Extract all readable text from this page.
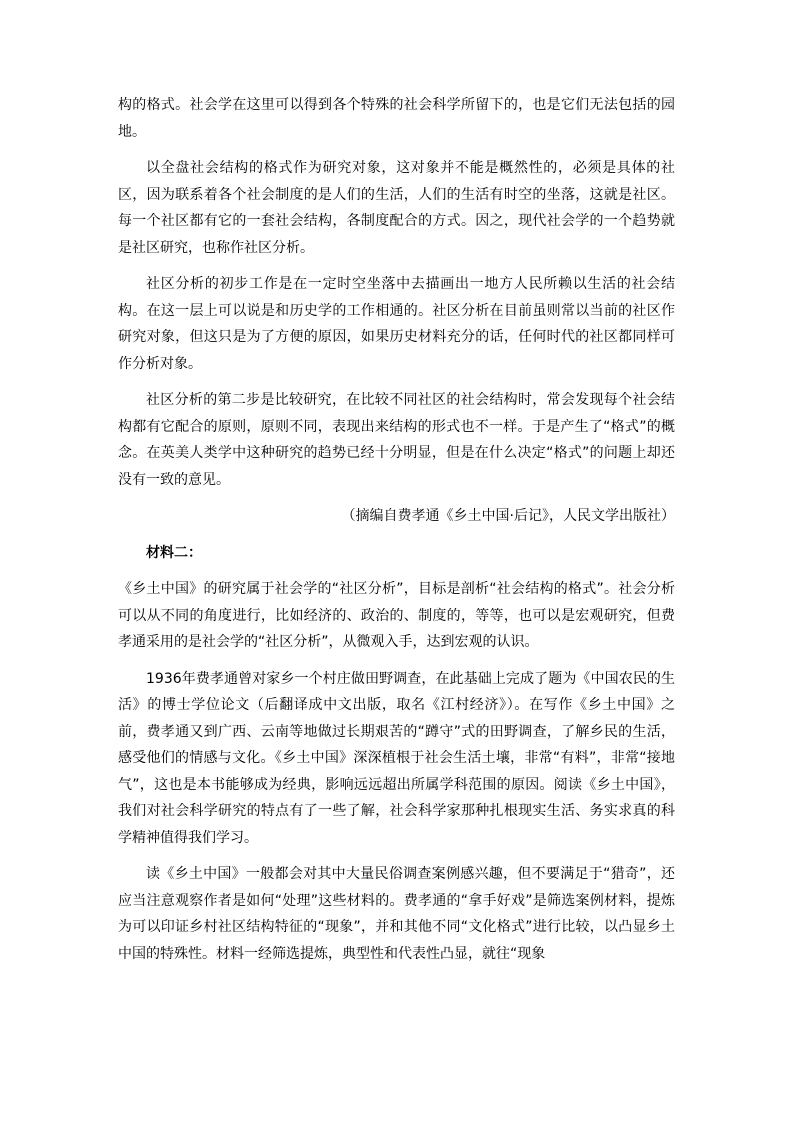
构的格式。社会学在这里可以得到各个特殊的社会科学所留下的，也是它们无法包括的园地。

以全盘社会结构的格式作为研究对象，这对象并不能是概然性的，必须是具体的社区，因为联系着各个社会制度的是人们的生活，人们的生活有时空的坐落，这就是社区。每一个社区都有它的一套社会结构，各制度配合的方式。因之，现代社会学的一个趋势就是社区研究，也称作社区分析。

社区分析的初步工作是在一定时空坐落中去描画出一地方人民所赖以生活的社会结构。在这一层上可以说是和历史学的工作相通的。社区分析在目前虽则常以当前的社区作研究对象，但这只是为了方便的原因，如果历史材料充分的话，任何时代的社区都同样可作分析对象。

社区分析的第二步是比较研究，在比较不同社区的社会结构时，常会发现每个社会结构都有它配合的原则，原则不同，表现出来结构的形式也不一样。于是产生了“格式”的概念。在英美人类学中这种研究的趋势已经十分明显，但是在什么决定“格式”的问题上却还没有一致的意见。

（摘编自费孝通《乡土中国·后记》，人民文学出版社）

材料二：

《乡土中国》的研究属于社会学的“社区分析”，目标是剖析“社会结构的格式”。社会分析可以从不同的角度进行，比如经济的、政治的、制度的，等等，也可以是宏观研究，但费孝通采用的是社会学的“社区分析”，从微观入手，达到宏观的认识。

1936年费孝通曾对家乡一个村庄做田野调查，在此基础上完成了题为《中国农民的生活》的博士学位论文（后翻译成中文出版，取名《江村经济》）。在写作《乡土中国》之前，费孝通又到广西、云南等地做过长期艰苦的“蹲守”式的田野调查，了解乡民的生活，感受他们的情感与文化。《乡土中国》深深植根于社会生活土壤，非常“有料”，非常“接地气”，这也是本书能够成为经典，影响远远超出所属学科范围的原因。阅读《乡土中国》，我们对社会科学研究的特点有了一些了解，社会科学家那种扎根现实生活、务实求真的科学精神值得我们学习。

读《乡土中国》一般都会对其中大量民俗调查案例感兴趣，但不要满足于“猎奇”，还应当注意观察作者是如何“处理”这些材料的。费孝通的“拿手好戏”是筛选案例材料，提炼为可以印证乡村社区结构特征的“现象”，并和其他不同“文化格式”进行比较，以凸显乡土中国的特殊性。材料一经筛选提炼，典型性和代表性凸显，就往“现象
